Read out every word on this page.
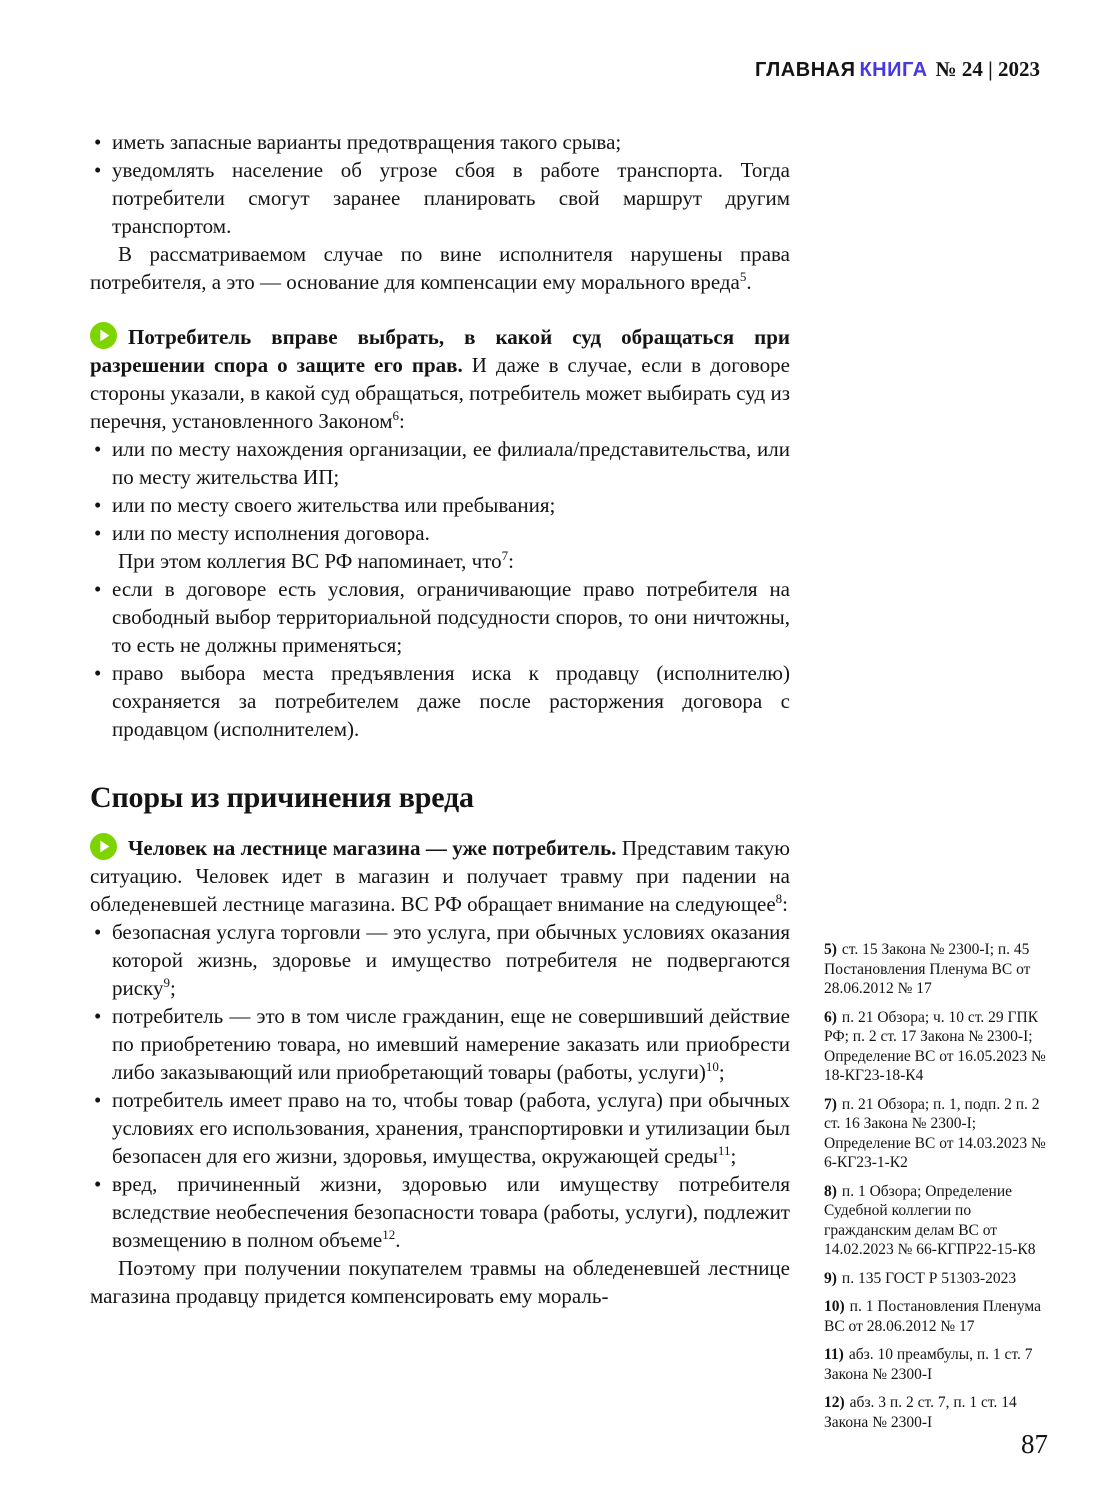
ГЛАВНАЯ КНИГА № 24 | 2023
• иметь запасные варианты предотвращения такого срыва;
• уведомлять население об угрозе сбоя в работе транспорта. Тогда потребители смогут заранее планировать свой маршрут другим транспортом.

В рассматриваемом случае по вине исполнителя нарушены права потребителя, а это — основание для компенсации ему морального вреда$^5$.

Потребитель вправе выбрать, в какой суд обращаться при разрешении спора о защите его прав. И даже в случае, если в договоре стороны указали, в какой суд обращаться, потребитель может выбирать суд из перечня, установленного Законом$^6$:

• или по месту нахождения организации, ее филиала/представительства, или по месту жительства ИП;
• или по месту своего жительства или пребывания;
• или по месту исполнения договора.

При этом коллегия ВС РФ напоминает, что$^7$:

• если в договоре есть условия, ограничивающие право потребителя на свободный выбор территориальной подсудности споров, то они ничтожны, то есть не должны применяться;
• право выбора места предъявления иска к продавцу (исполнителю) сохраняется за потребителем даже после расторжения договора с продавцом (исполнителем).
Споры из причинения вреда

Человек на лестнице магазина — уже потребитель. Представим такую ситуацию. Человек идет в магазин и получает травму при падении на обледеневшей лестнице магазина. ВС РФ обращает внимание на следующее$^8$:

• безопасная услуга торговли — это услуга, при обычных условиях оказания которой жизнь, здоровье и имущество потребителя не подвергаются риску$^9$;
• потребитель — это в том числе гражданин, еще не совершивший действие по приобретению товара, но имевший намерение заказать или приобрести либо заказывающий или приобретающий товары (работы, услуги)$^{10}$;
• потребитель имеет право на то, чтобы товар (работа, услуга) при обычных условиях его использования, хранения, транспортировки и утилизации был безопасен для его жизни, здоровья, имущества, окружающей среды$^{11}$;
• вред, причиненный жизни, здоровью или имуществу потребителя вследствие необеспечения безопасности товара (работы, услуги), подлежит возмещению в полном объеме$^{12}$.

Поэтому при получении покупателем травмы на обледеневшей лестнице магазина продавцу придется компенсировать ему мораль-

5) ст. 15 Закона № 2300-I; п. 45 Постановления Пленума ВС от 28.06.2012 № 17

6) п. 21 Обзора; ч. 10 ст. 29 ГПК РФ; п. 2 ст. 17 Закона № 2300-I; Определение ВС от 16.05.2023 № 18-КГ23-18-К4

7) п. 21 Обзора; п. 1, подп. 2 п. 2 ст. 16 Закона № 2300-I; Определение ВС от 14.03.2023 № 6-КГ23-1-К2

8) п. 1 Обзора; Определение Судебной коллегии по гражданским делам ВС от 14.02.2023 № 66-КГПР22-15-К8

9) п. 135 ГОСТ Р 51303-2023

10) п. 1 Постановления Пленума ВС от 28.06.2012 № 17

11) абз. 10 преамбулы, п. 1 ст. 7 Закона № 2300-I

12) абз. 3 п. 2 ст. 7, п. 1 ст. 14 Закона № 2300-I

87
